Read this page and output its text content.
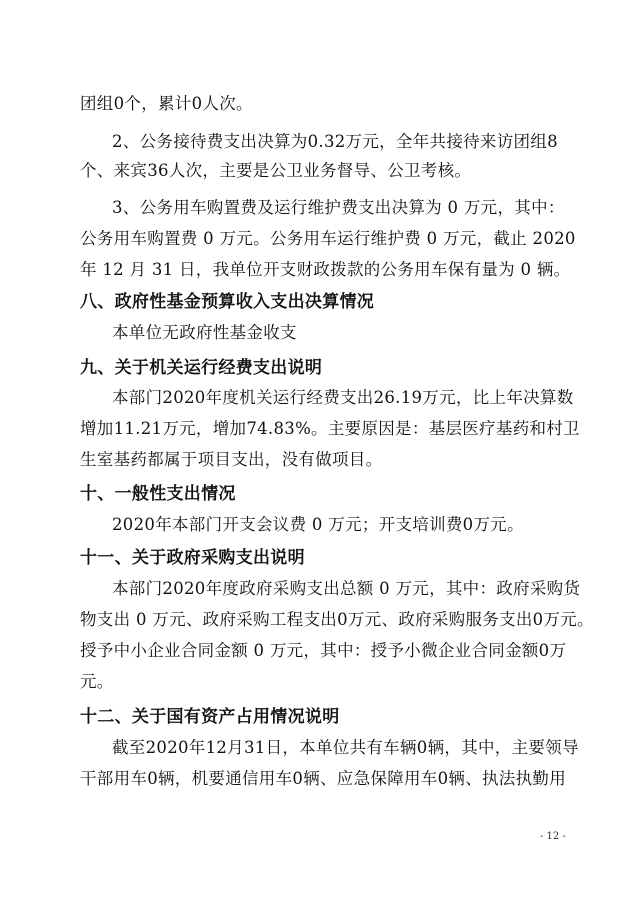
团组0个，累计0人次。
2、公务接待费支出决算为0.32万元，全年共接待来访团组8
个、来宾36人次，主要是公卫业务督导、公卫考核。
3、公务用车购置费及运行维护费支出决算为 0 万元，其中：
公务用车购置费 0 万元。公务用车运行维护费 0 万元，截止 2020
年 12 月 31 日，我单位开支财政拨款的公务用车保有量为 0 辆。
八、政府性基金预算收入支出决算情况
本单位无政府性基金收支
九、关于机关运行经费支出说明
本部门2020年度机关运行经费支出26.19万元，比上年决算数
增加11.21万元，增加74.83%。主要原因是：基层医疗基药和村卫
生室基药都属于项目支出，没有做项目。
十、一般性支出情况
2020年本部门开支会议费 0 万元；开支培训费0万元。
十一、关于政府采购支出说明
本部门2020年度政府采购支出总额 0 万元，其中：政府采购货
物支出 0 万元、政府采购工程支出0万元、政府采购服务支出0万元。
授予中小企业合同金额 0 万元，其中：授予小微企业合同金额0万
元。
十二、关于国有资产占用情况说明
截至2020年12月31日，本单位共有车辆0辆，其中，主要领导
干部用车0辆，机要通信用车0辆、应急保障用车0辆、执法执勤用
- 12 -
